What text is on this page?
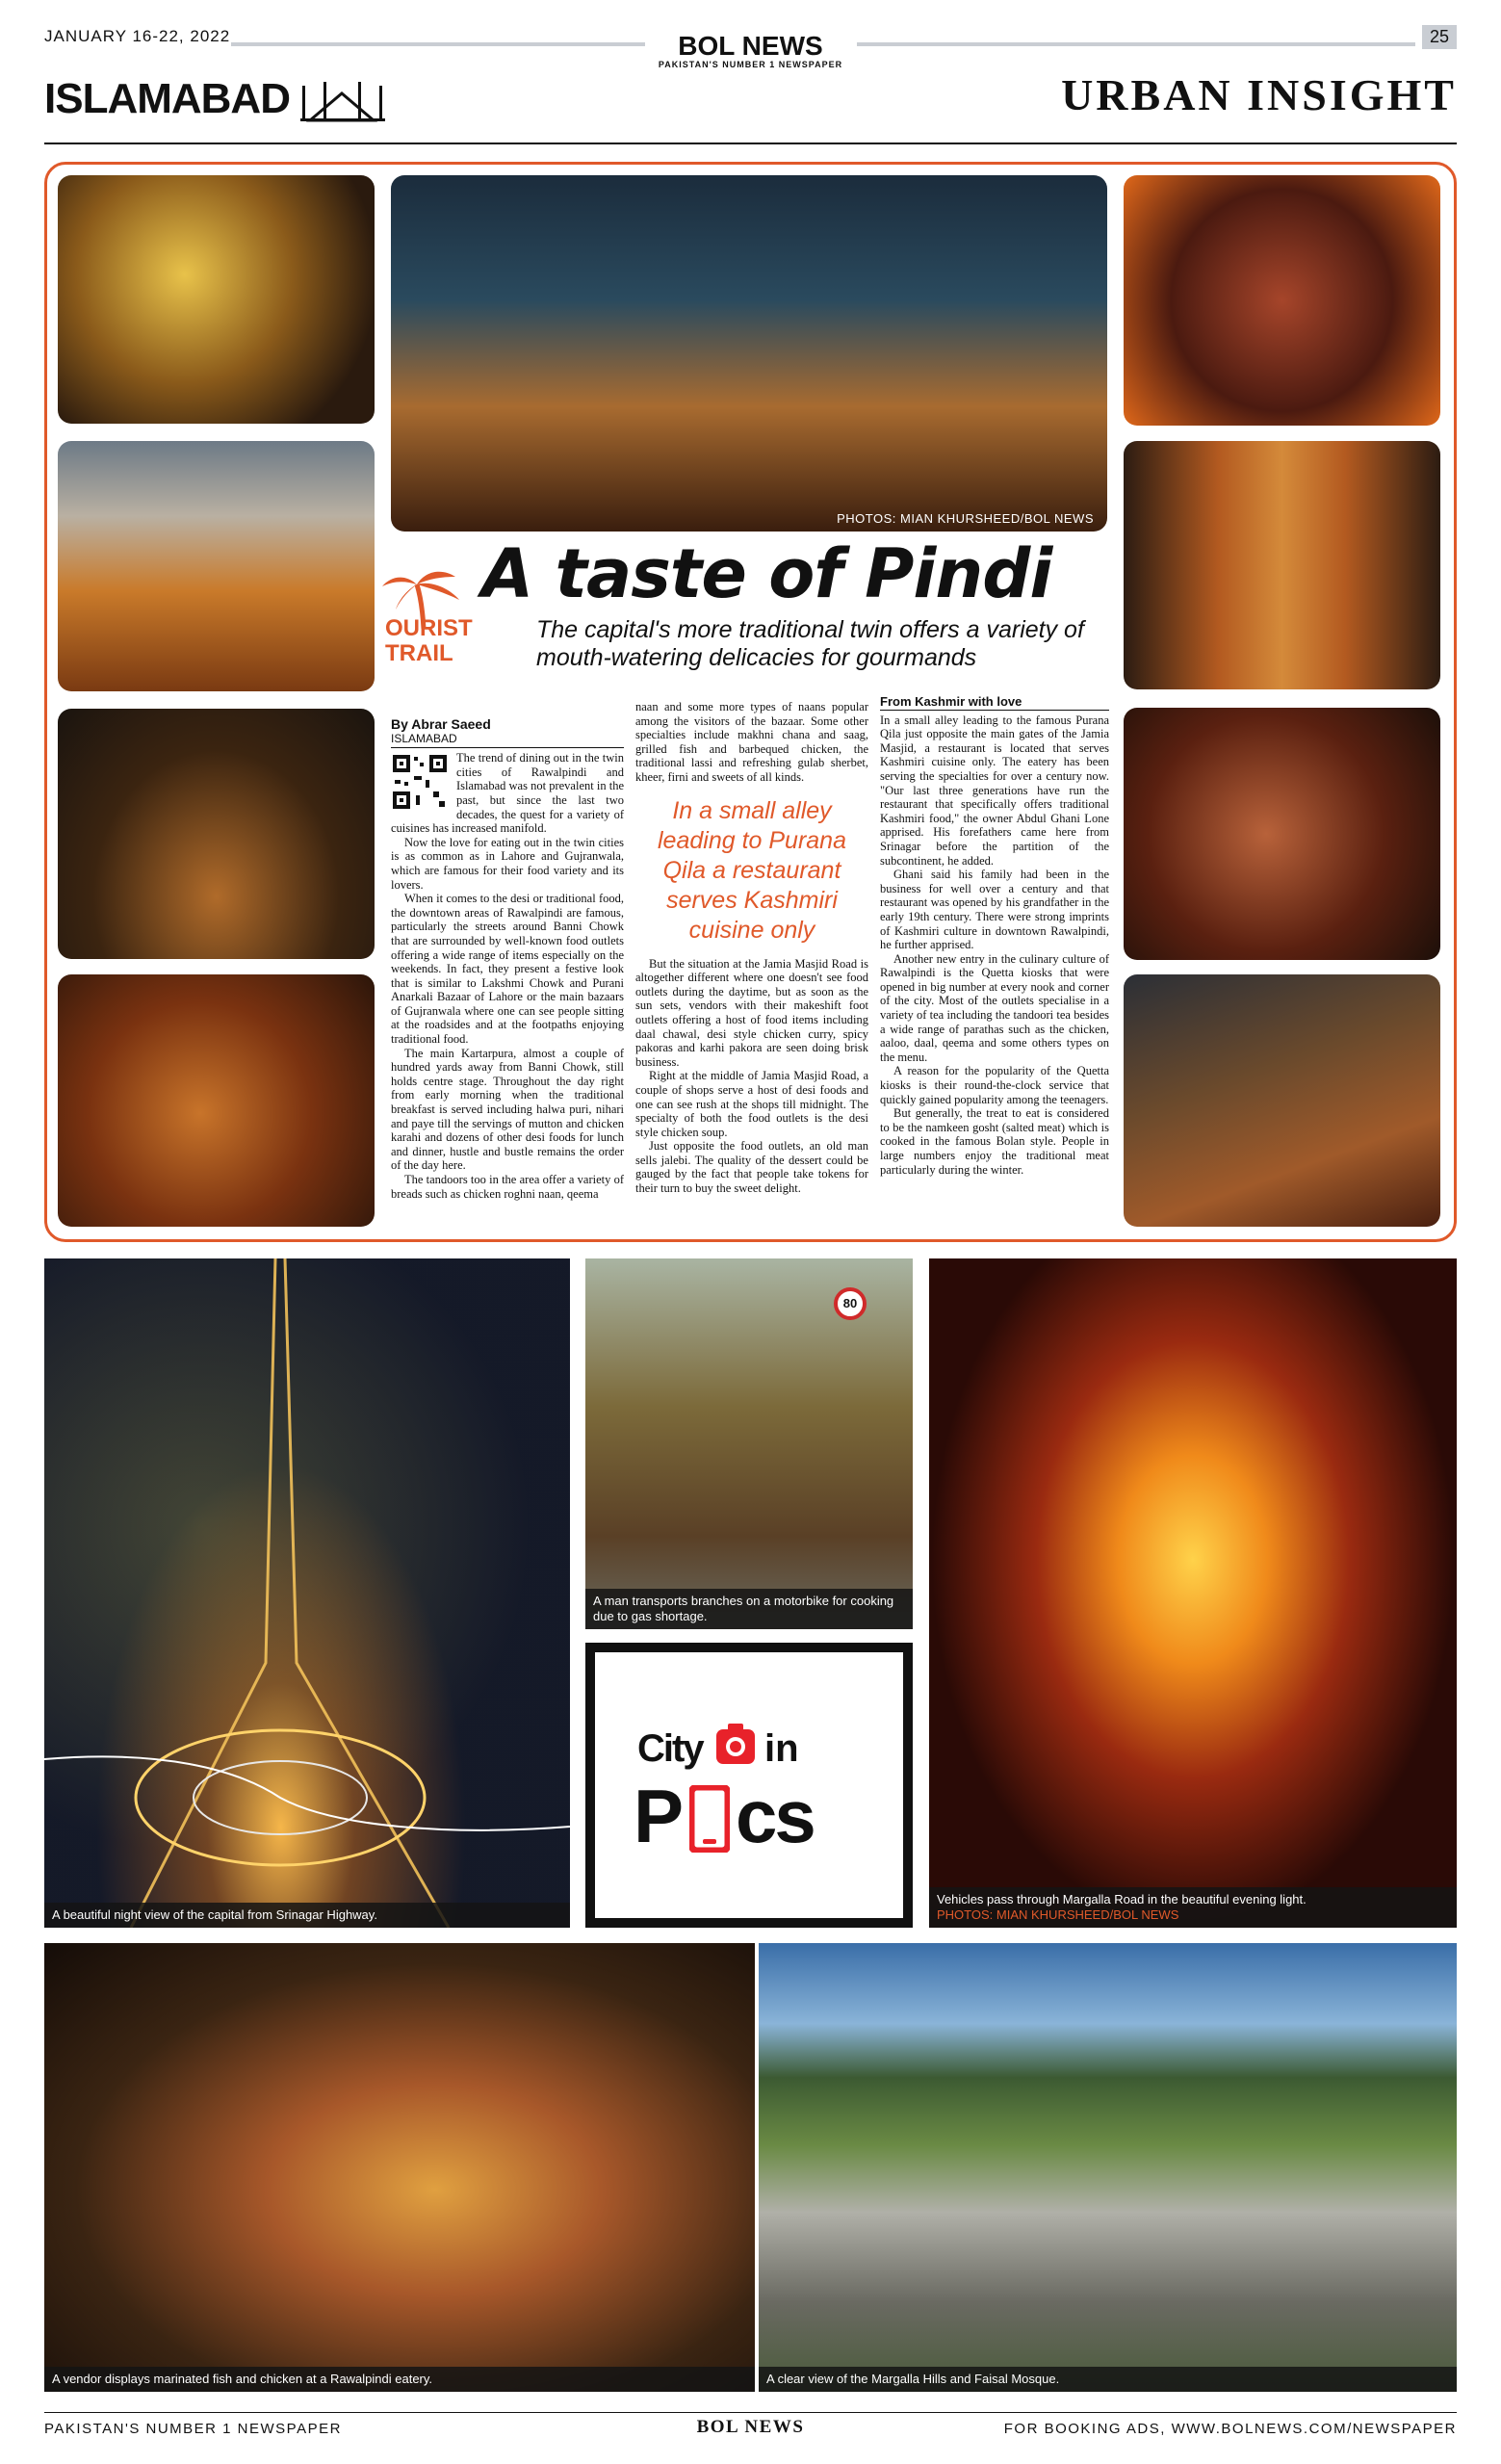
JANUARY 16-22, 2022	BOL NEWS
PAKISTAN'S NUMBER 1 NEWSPAPER
25
ISLAMABAD	URBAN INSIGHT
PHOTOS: MIAN KHURSHEED/BOL NEWS
A taste of Pindi
OURIST
TRAIL
The capital's more traditional twin offers a variety of mouth-watering delicacies for gourmands
By Abrar Saeed
ISLAMABAD

The trend of dining out in the twin cities of Rawalpindi and Islamabad was not prevalent in the past, but since the last two decades, the quest for a variety of cuisines has increased manifold.

Now the love for eating out in the twin cities is as common as in Lahore and Gujranwala, which are famous for their food variety and its lovers.

When it comes to the desi or traditional food, the downtown areas of Rawalpindi are famous, particularly the streets around Banni Chowk that are surrounded by well-known food outlets offering a wide range of items especially on the weekends. In fact, they present a festive look that is similar to Lakshmi Chowk and Purani Anarkali Bazaar of Lahore or the main bazaars of Gujranwala where one can see people sitting at the roadsides and at the footpaths enjoying traditional food.

The main Kartarpura, almost a couple of hundred yards away from Banni Chowk, still holds centre stage. Throughout the day right from early morning when the traditional breakfast is served including halwa puri, nihari and paye till the servings of mutton and chicken karahi and dozens of other desi foods for lunch and dinner, hustle and bustle remains the order of the day here.

The tandoors too in the area offer a variety of breads such as chicken roghni naan, qeema

naan and some more types of naans popular among the visitors of the bazaar. Some other specialties include makhni chana and saag, grilled fish and barbequed chicken, the traditional lassi and refreshing gulab sherbet, kheer, firni and sweets of all kinds.

In a small alley leading to Purana Qila a restaurant serves Kashmiri cuisine only

But the situation at the Jamia Masjid Road is altogether different where one doesn't see food outlets during the daytime, but as soon as the sun sets, vendors with their makeshift foot outlets offering a host of food items including daal chawal, desi style chicken curry, spicy pakoras and karhi pakora are seen doing brisk business.

Right at the middle of Jamia Masjid Road, a couple of shops serve a host of desi foods and one can see rush at the shops till midnight. The specialty of both the food outlets is the desi style chicken soup.

Just opposite the food outlets, an old man sells jalebi. The quality of the dessert could be gauged by the fact that people take tokens for their turn to buy the sweet delight.

From Kashmir with love

In a small alley leading to the famous Purana Qila just opposite the main gates of the Jamia Masjid, a restaurant is located that serves Kashmiri cuisine only. The eatery has been serving the specialties for over a century now. "Our last three generations have run the restaurant that specifically offers traditional Kashmiri food," the owner Abdul Ghani Lone apprised. His forefathers came here from Srinagar before the partition of the subcontinent, he added.

Ghani said his family had been in the business for well over a century and that restaurant was opened by his grandfather in the early 19th century. There were strong imprints of Kashmiri culture in downtown Rawalpindi, he further apprised.

Another new entry in the culinary culture of Rawalpindi is the Quetta kiosks that were opened in big number at every nook and corner of the city. Most of the outlets specialise in a variety of tea including the tandoori tea besides a wide range of parathas such as the chicken, aaloo, daal, qeema and some others types on the menu.

A reason for the popularity of the Quetta kiosks is their round-the-clock service that quickly gained popularity among the teenagers.

But generally, the treat to eat is considered to be the namkeen gosht (salted meat) which is cooked in the famous Bolan style. People in large numbers enjoy the traditional meat particularly during the winter.

A beautiful night view of the capital from Srinagar Highway.
80
A man transports branches on a motorbike for cooking due to gas shortage.
City in
P cs
Vehicles pass through Margalla Road in the beautiful evening light.
PHOTOS: MIAN KHURSHEED/BOL NEWS
A vendor displays marinated fish and chicken at a Rawalpindi eatery.	A clear view of the Margalla Hills and Faisal Mosque.
PAKISTAN'S NUMBER 1 NEWSPAPER	BOL NEWS	FOR BOOKING ADS, WWW.BOLNEWS.COM/NEWSPAPER
